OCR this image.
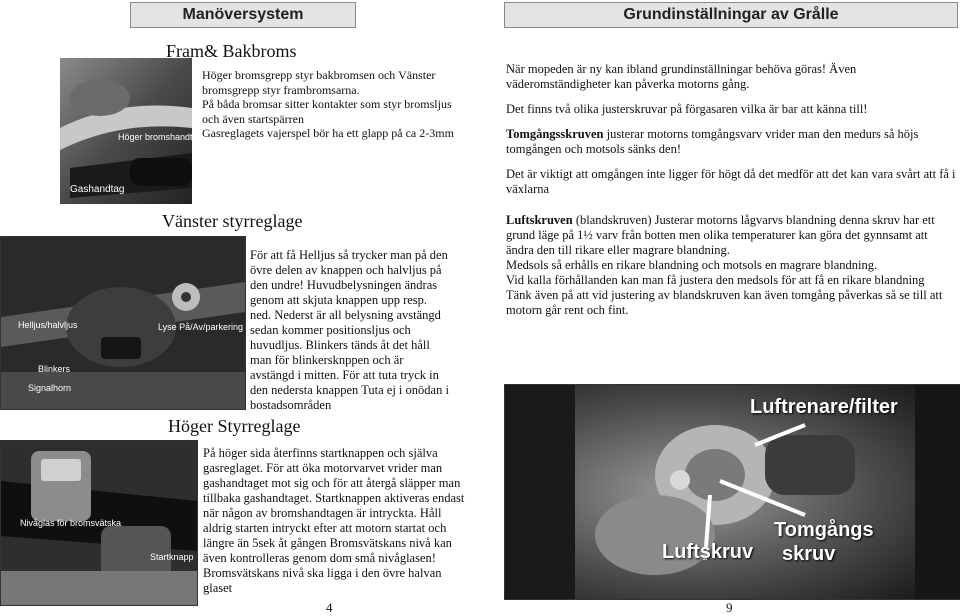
Manöversystem
Höger bromshandtag (bakbroms)
Gashandtag
Fram& Bakbroms

Höger bromsgrepp styr bakbromsen och Vänster

bromsgrepp styr frambromsarna.

På båda bromsar sitter kontakter som styr bromsljus

och även startspärren

Gasreglagets vajerspel bör ha ett glapp på ca 2-3mm

Vänster styrreglage
Helljus/halvljus	Lyse På/Av/parkering
Blinkers
Signalhorn
För att få Helljus så trycker man på den övre delen av knappen och halvljus på den undre! Huvudbelysningen ändras genom att skjuta knappen upp resp. ned. Nederst är all belysning avstängd sedan kommer positionsljus och huvudljus. Blinkers tänds åt det håll man för blinkersknppen och är avstängd i mitten. För att tuta tryck in den nedersta knappen Tuta ej i onödan i bostadsområden
Höger Styrreglage
Nivåglas för bromsvätska
Startknapp
På höger sida återfinns startknappen och själva gasreglaget. För att öka motorvarvet vrider man gashandtaget mot sig och för att återgå släpper man tillbaka gashandtaget. Startknappen aktiveras endast när någon av bromshandtagen är intryckta. Håll aldrig starten intryckt efter att motorn startat och längre än 5sek åt gången Bromsvätskans nivå kan även kontrolleras genom dom små nivåglasen! Bromsvätskans nivå ska ligga i den övre halvan glaset
4
Grundinställningar av Grålle

När mopeden är ny kan ibland grundinställningar behöva göras! Även väderomständigheter kan påverka motorns gång.

Det finns två olika justerskruvar på förgasaren vilka är bar att känna till!

Tomgångsskruven justerar motorns tomgångsvarv vrider man den medurs så höjs tomgången och motsols sänks den!

Det är viktigt att omgången inte ligger för högt då det medför att det kan vara svårt att få i växlarna

Luftskruven (blandskruven) Justerar motorns lågvarvs blandning denna skruv har ett grund läge på 1½ varv från botten men olika temperaturer kan göra det gynnsamt att ändra den till rikare eller magrare blandning.

Medsols så erhålls en rikare blandning och motsols en magrare blandning.

Vid kalla förhållanden kan man få justera den medsols för att få en rikare blandning

Tänk även på att vid justering av blandskruven kan även tomgång påverkas så se till att motorn går rent och fint.

Luftrenare/filter
Luftskruv
Tomgångs
skruv
9
